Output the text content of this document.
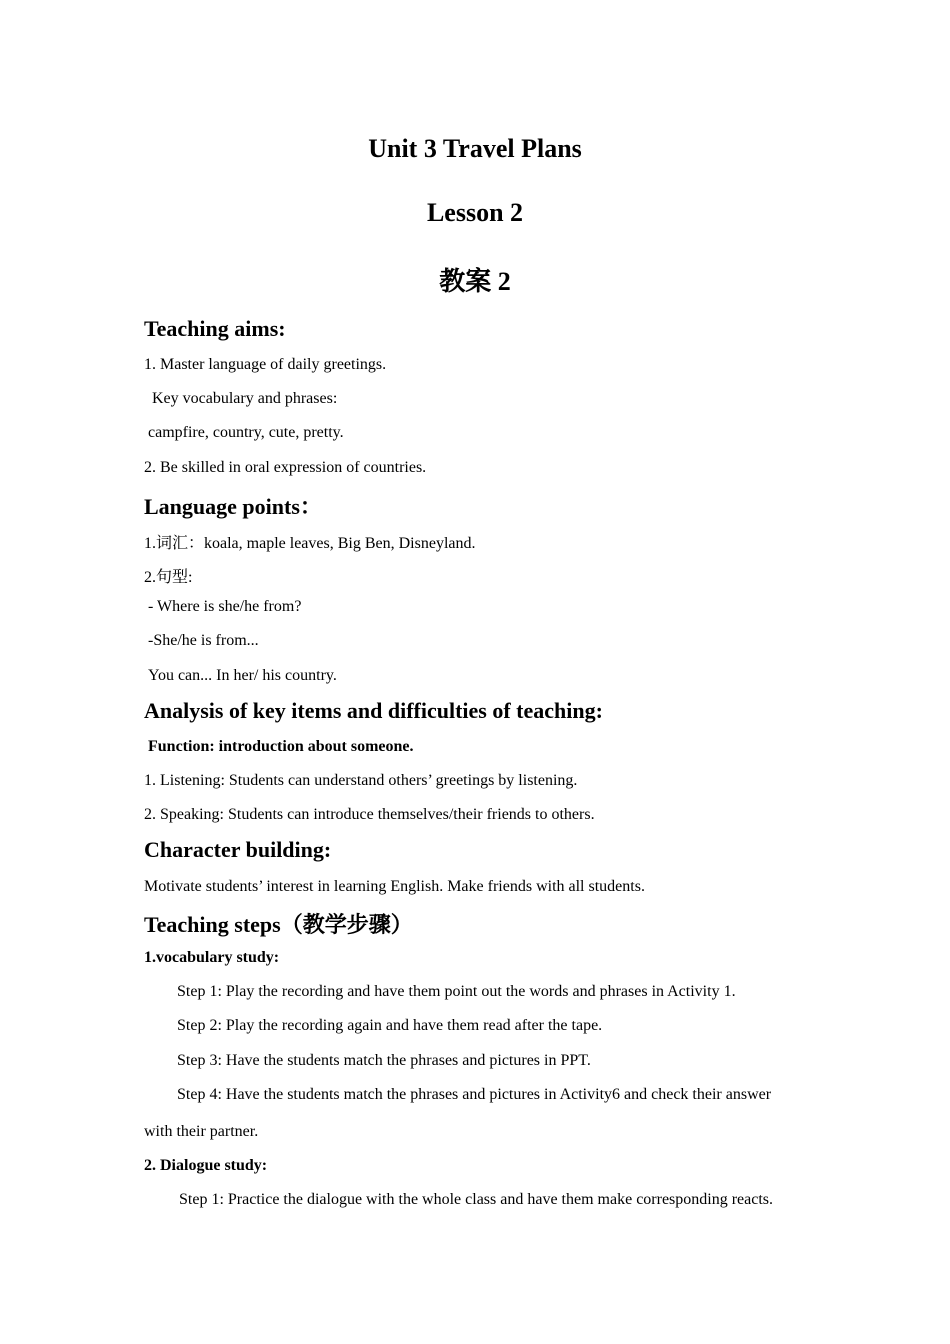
Unit 3 Travel Plans
Lesson 2
教案 2
Teaching aims:
1. Master language of daily greetings.
Key vocabulary and phrases:
campfire, country, cute, pretty.
2. Be skilled in oral expression of countries.
Language points：
1.词汇：koala, maple leaves, Big Ben, Disneyland.
2.句型:
- Where is she/he from?
-She/he is from...
You can... In her/ his country.
Analysis of key items and difficulties of teaching:
Function: introduction about someone.
1. Listening: Students can understand others’ greetings by listening.
2. Speaking: Students can introduce themselves/their friends to others.
Character building:
Motivate students’ interest in learning English. Make friends with all students.
Teaching steps（教学步骤）
1.vocabulary study:
Step 1: Play the recording and have them point out the words and phrases in Activity 1.
Step 2: Play the recording again and have them read after the tape.
Step 3: Have the students match the phrases and pictures in PPT.
Step 4: Have the students match the phrases and pictures in Activity6 and check their answer
with their partner.
2. Dialogue study:
Step 1: Practice the dialogue with the whole class and have them make corresponding reacts.
